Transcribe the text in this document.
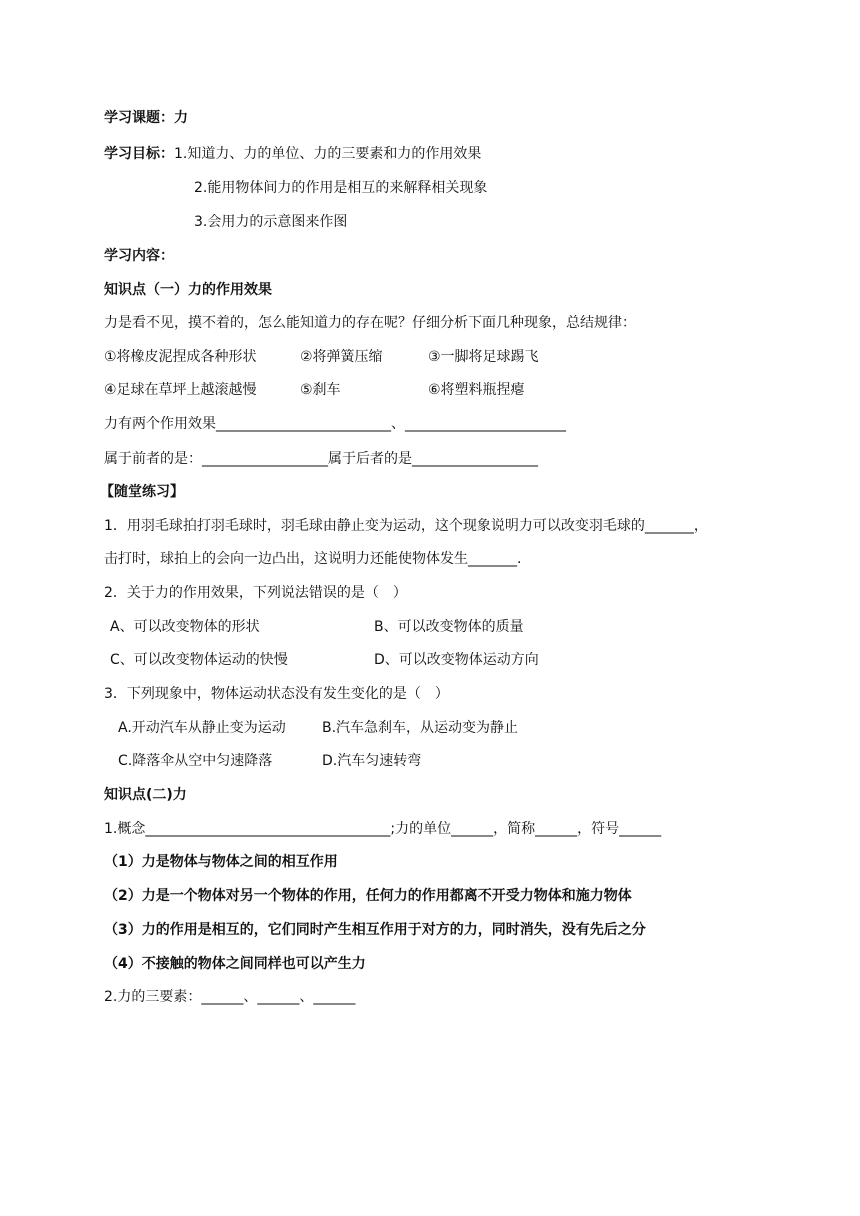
学习课题：力
学习目标：1.知道力、力的单位、力的三要素和力的作用效果
2.能用物体间力的作用是相互的来解释相关现象
3.会用力的示意图来作图
学习内容：
知识点（一）力的作用效果
力是看不见，摸不着的，怎么能知道力的存在呢？仔细分析下面几种现象，总结规律：
①将橡皮泥捏成各种形状	②将弹簧压缩	③一脚将足球踢飞
④足球在草坪上越滚越慢	⑤刹车	⑥将塑料瓶捏瘪
力有两个作用效果_________________________、_______________________
属于前者的是：__________________属于后者的是__________________
【随堂练习】
1．用羽毛球拍打羽毛球时，羽毛球由静止变为运动，这个现象说明力可以改变羽毛球的_______，
击打时，球拍上的会向一边凸出，这说明力还能使物体发生_______.
2．关于力的作用效果，下列说法错误的是（　）
A、可以改变物体的形状	B、可以改变物体的质量
C、可以改变物体运动的快慢	D、可以改变物体运动方向
3．下列现象中，物体运动状态没有发生变化的是（　）
A.开动汽车从静止变为运动	B.汽车急刹车，从运动变为静止
C.降落伞从空中匀速降落	D.汽车匀速转弯
知识点(二)力
1.概念___________________________________;力的单位______，简称______，符号______
（1）力是物体与物体之间的相互作用
（2）力是一个物体对另一个物体的作用，任何力的作用都离不开受力物体和施力物体
（3）力的作用是相互的，它们同时产生相互作用于对方的力，同时消失，没有先后之分
（4）不接触的物体之间同样也可以产生力
2.力的三要素：______、______、______
